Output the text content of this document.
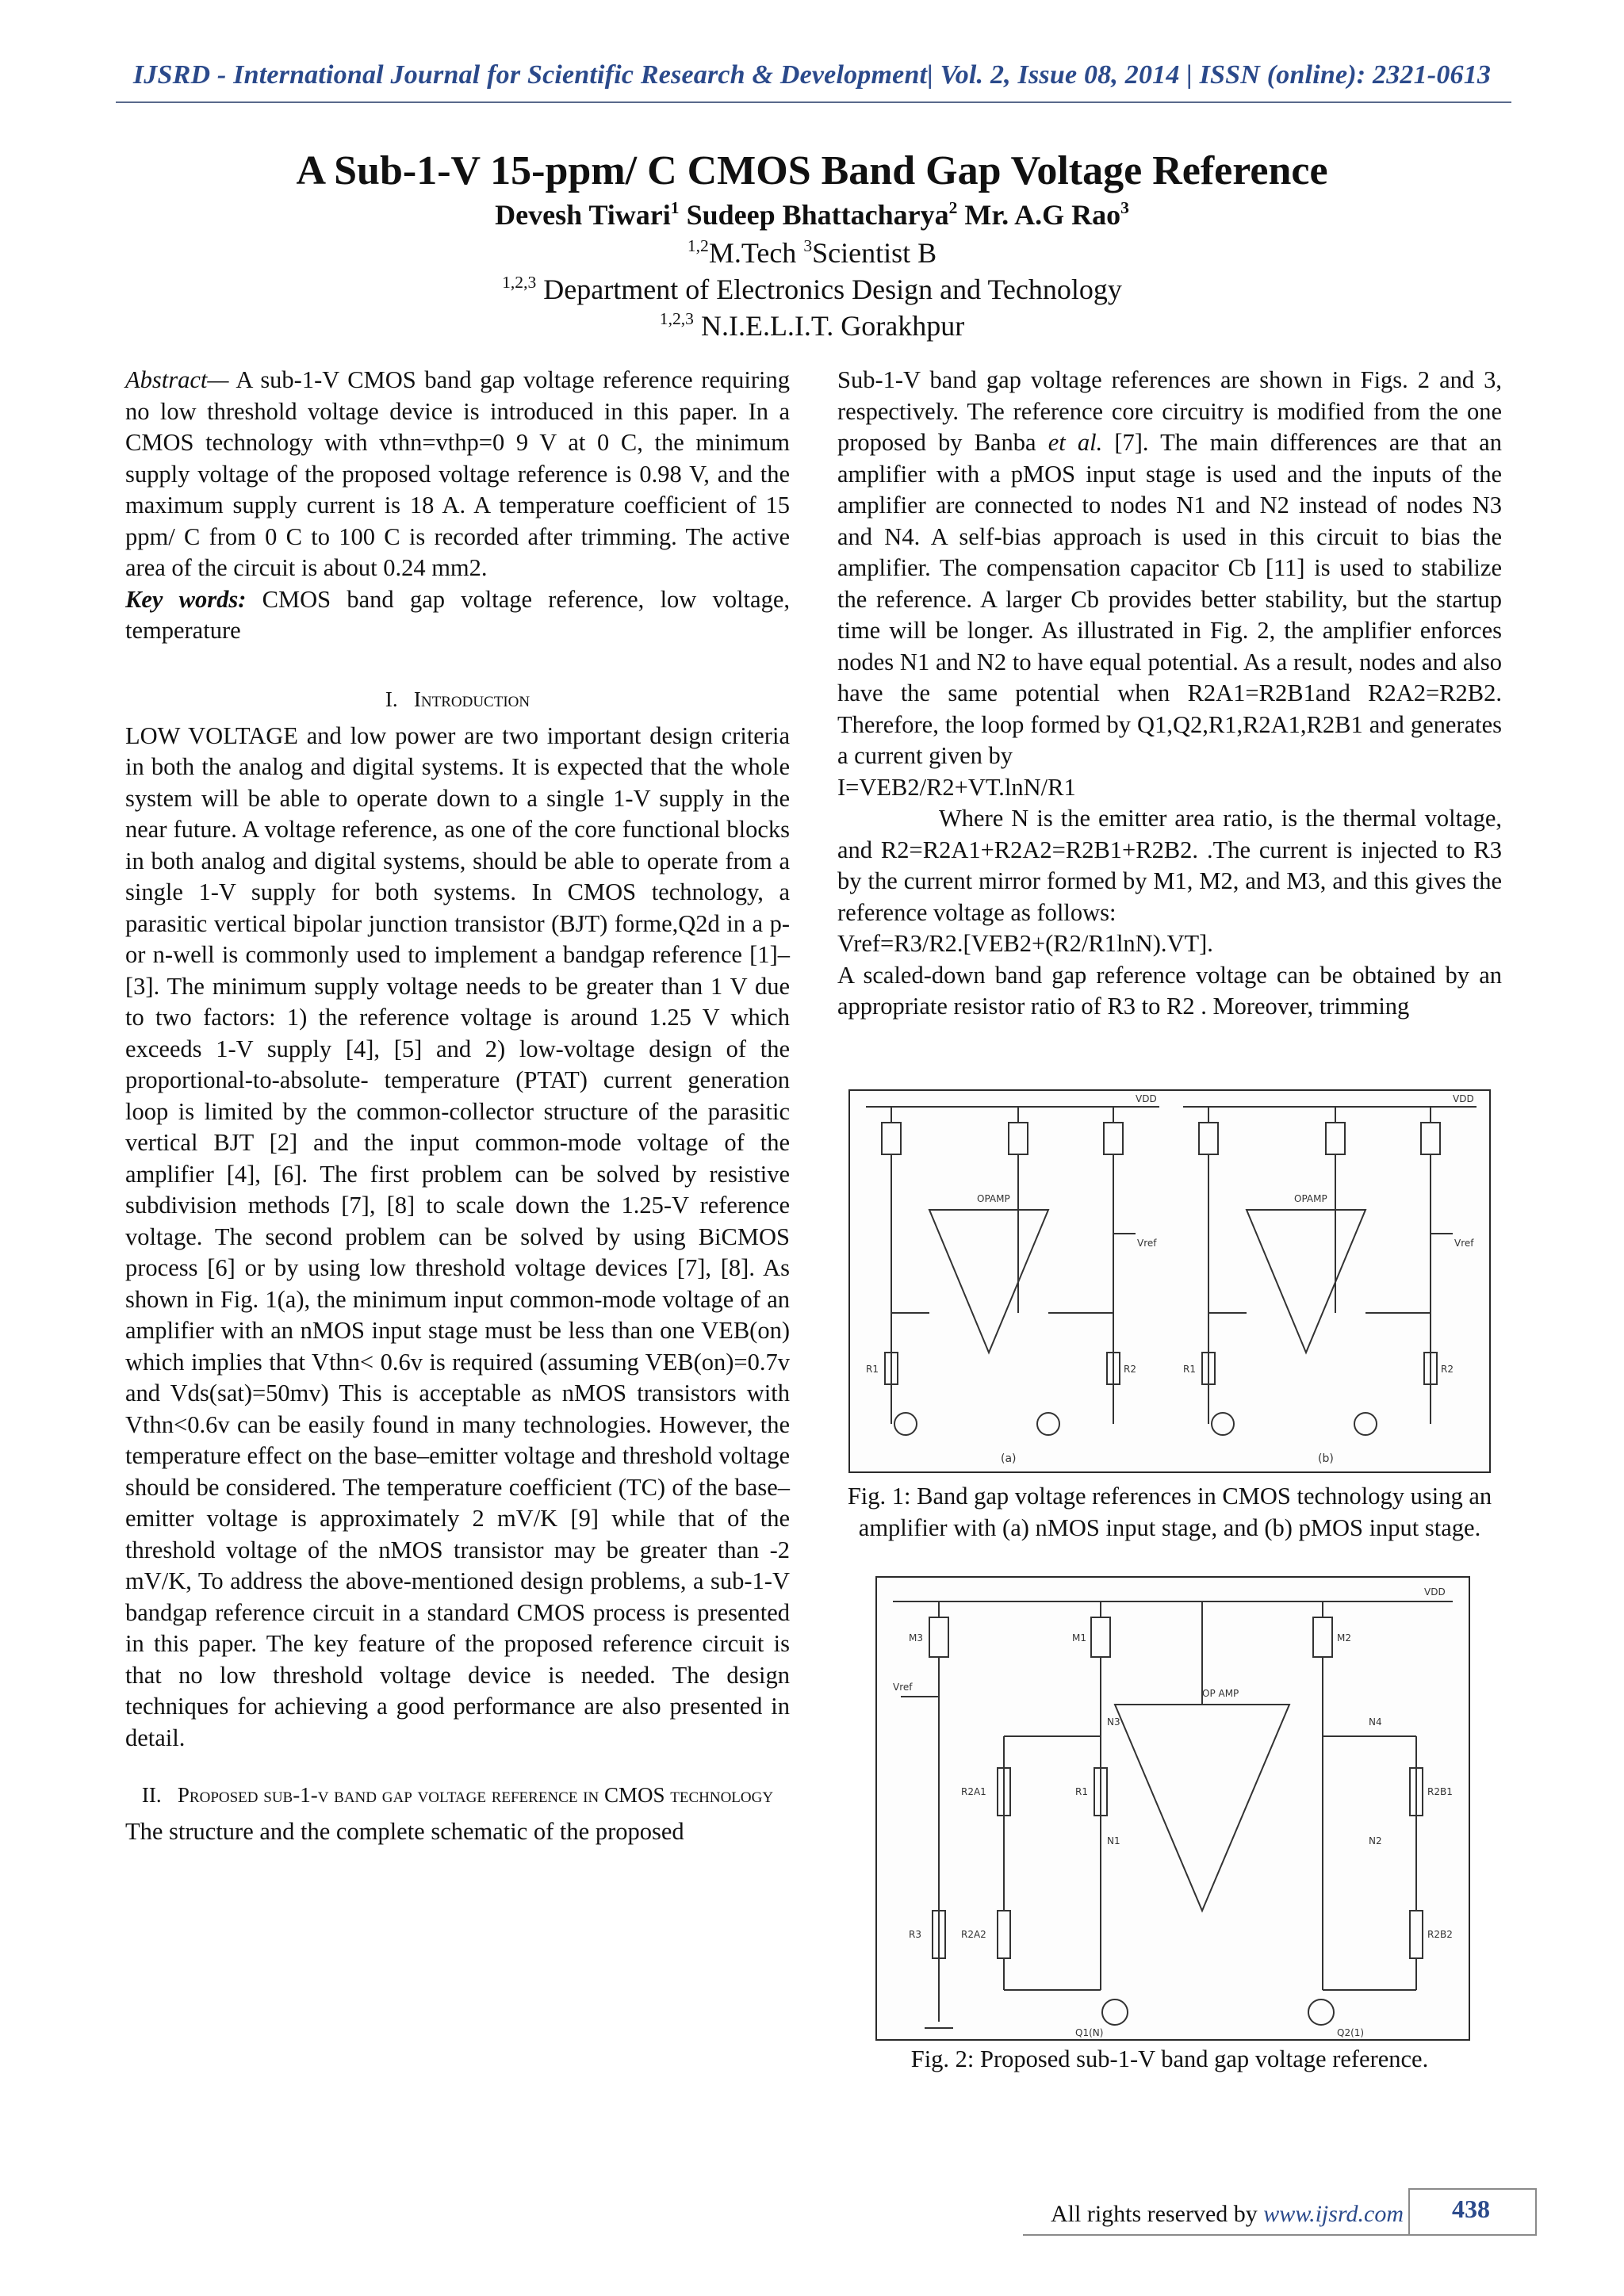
IJSRD - International Journal for Scientific Research & Development| Vol. 2, Issue 08, 2014 | ISSN (online): 2321-0613
A Sub-1-V 15-ppm/ C CMOS Band Gap Voltage Reference
Devesh Tiwari$^1$ Sudeep Bhattacharya$^2$ Mr. A.G Rao$^3$
$^{1,2}$M.Tech $^3$Scientist B
$^{1,2,3}$ Department of Electronics Design and Technology
$^{1,2,3}$ N.I.E.L.I.T. Gorakhpur

Abstract— A sub-1-V CMOS band gap voltage reference requiring no low threshold voltage device is introduced in this paper. In a CMOS technology with vthn=vthp=0 9 V at 0 C, the minimum supply voltage of the proposed voltage reference is 0.98 V, and the maximum supply current is 18 A. A temperature coefficient of 15 ppm/ C from 0 C to 100 C is recorded after trimming. The active area of the circuit is about 0.24 mm2.

Key words: CMOS band gap voltage reference, low voltage, temperature

I. Introduction

LOW VOLTAGE and low power are two important design criteria in both the analog and digital systems. It is expected that the whole system will be able to operate down to a single 1-V supply in the near future. A voltage reference, as one of the core functional blocks in both analog and digital systems, should be able to operate from a single 1-V supply for both systems. In CMOS technology, a parasitic vertical bipolar junction transistor (BJT) forme,Q2d in a p- or n-well is commonly used to implement a bandgap reference [1]–[3]. The minimum supply voltage needs to be greater than 1 V due to two factors: 1) the reference voltage is around 1.25 V which exceeds 1-V supply [4], [5] and 2) low-voltage design of the proportional-to-absolute- temperature (PTAT) current generation loop is limited by the common-collector structure of the parasitic vertical BJT [2] and the input common-mode voltage of the amplifier [4], [6]. The first problem can be solved by resistive subdivision methods [7], [8] to scale down the 1.25-V reference voltage. The second problem can be solved by using BiCMOS process [6] or by using low threshold voltage devices [7], [8]. As shown in Fig. 1(a), the minimum input common-mode voltage of an amplifier with an nMOS input stage must be less than one VEB(on) which implies that Vthn< 0.6v is required (assuming VEB(on)=0.7v and Vds(sat)=50mv) This is acceptable as nMOS transistors with Vthn<0.6v can be easily found in many technologies. However, the temperature effect on the base–emitter voltage and threshold voltage should be considered. The temperature coefficient (TC) of the base–emitter voltage is approximately 2 mV/K [9] while that of the threshold voltage of the nMOS transistor may be greater than -2 mV/K, To address the above-mentioned design problems, a sub-1-V bandgap reference circuit in a standard CMOS process is presented in this paper. The key feature of the proposed reference circuit is that no low threshold voltage device is needed. The design techniques for achieving a good performance are also presented in detail.

II. Proposed sub-1-v band gap voltage reference in CMOS technology

The structure and the complete schematic of the proposed

Sub-1-V band gap voltage references are shown in Figs. 2 and 3, respectively. The reference core circuitry is modified from the one proposed by Banba et al. [7]. The main differences are that an amplifier with a pMOS input stage is used and the inputs of the amplifier are connected to nodes N1 and N2 instead of nodes N3 and N4. A self-bias approach is used in this circuit to bias the amplifier. The compensation capacitor Cb [11] is used to stabilize the reference. A larger Cb provides better stability, but the startup time will be longer. As illustrated in Fig. 2, the amplifier enforces nodes N1 and N2 to have equal potential. As a result, nodes and also have the same potential when R2A1=R2B1and R2A2=R2B2. Therefore, the loop formed by Q1,Q2,R1,R2A1,R2B1 and generates a current given by

I=VEB2/R2+VT.lnN/R1

Where N is the emitter area ratio, is the thermal voltage, and R2=R2A1+R2A2=R2B1+R2B2. .The current is injected to R3 by the current mirror formed by M1, M2, and M3, and this gives the reference voltage as follows:

Vref=R3/R2.[VEB2+(R2/R1lnN).VT].

A scaled-down band gap reference voltage can be obtained by an appropriate resistor ratio of R3 to R2 . Moreover, trimming

OPAMP	OPAMP
VDD	VDD
Vref	Vref
R1	R1
R2	R2
(a)	(b)
Fig. 1: Band gap voltage references in CMOS technology using an amplifier with (a) nMOS input stage, and (b) pMOS input stage.
VDD
Vref
OP AMP
M3	M1	M2
N3	N4
N1	N2
R2A1	R1	R2B1
R3	R2A2	R2B2
Q1(N)	Q2(1)
Fig. 2: Proposed sub-1-V band gap voltage reference.
All rights reserved by www.ijsrd.com	438
